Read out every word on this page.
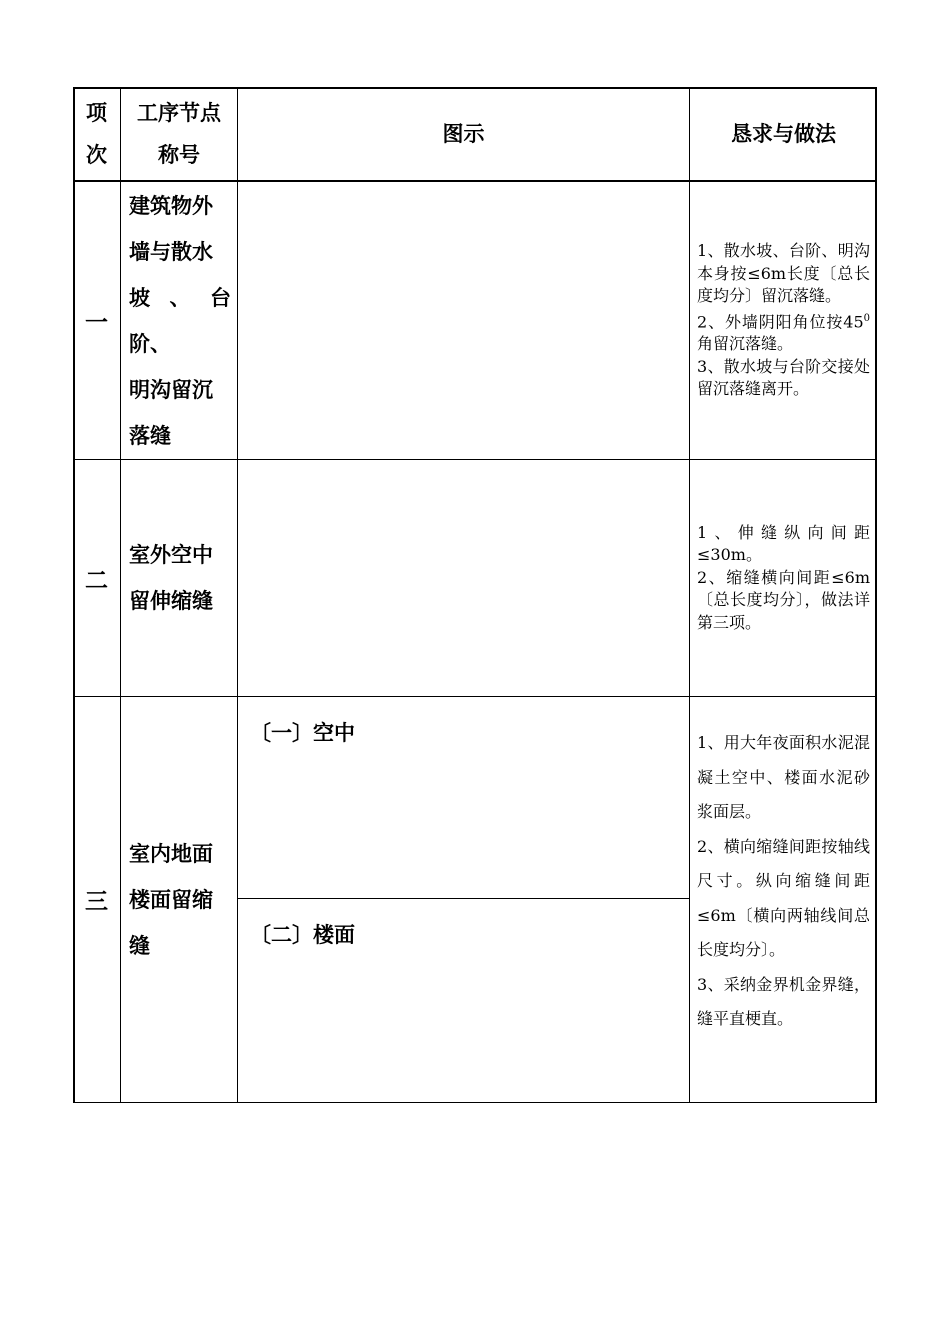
项
次
工序节点
称号
图示	恳求与做法
一
建筑物外
墙与散水
坡 、 台
阶、
明沟留沉
落缝

1、散水坡、台阶、明沟本身按≤6m长度〔总长度均分〕留沉落缝。

2、外墙阴阳角位按$45^0$角留沉落缝。

3、散水坡与台阶交接处留沉落缝离开。

二
室外空中
留伸缩缝

1、伸缝纵向间距≤30m。

2、缩缝横向间距≤6m〔总长度均分〕，做法详第三项。

三
室内地面
楼面留缩
缝
〔一〕空中
〔二〕楼面

1、用大年夜面积水泥混凝土空中、楼面水泥砂浆面层。

2、横向缩缝间距按轴线尺寸。纵向缩缝间距≤6m〔横向两轴线间总长度均分〕。

3、采纳金界机金界缝，缝平直梗直。
